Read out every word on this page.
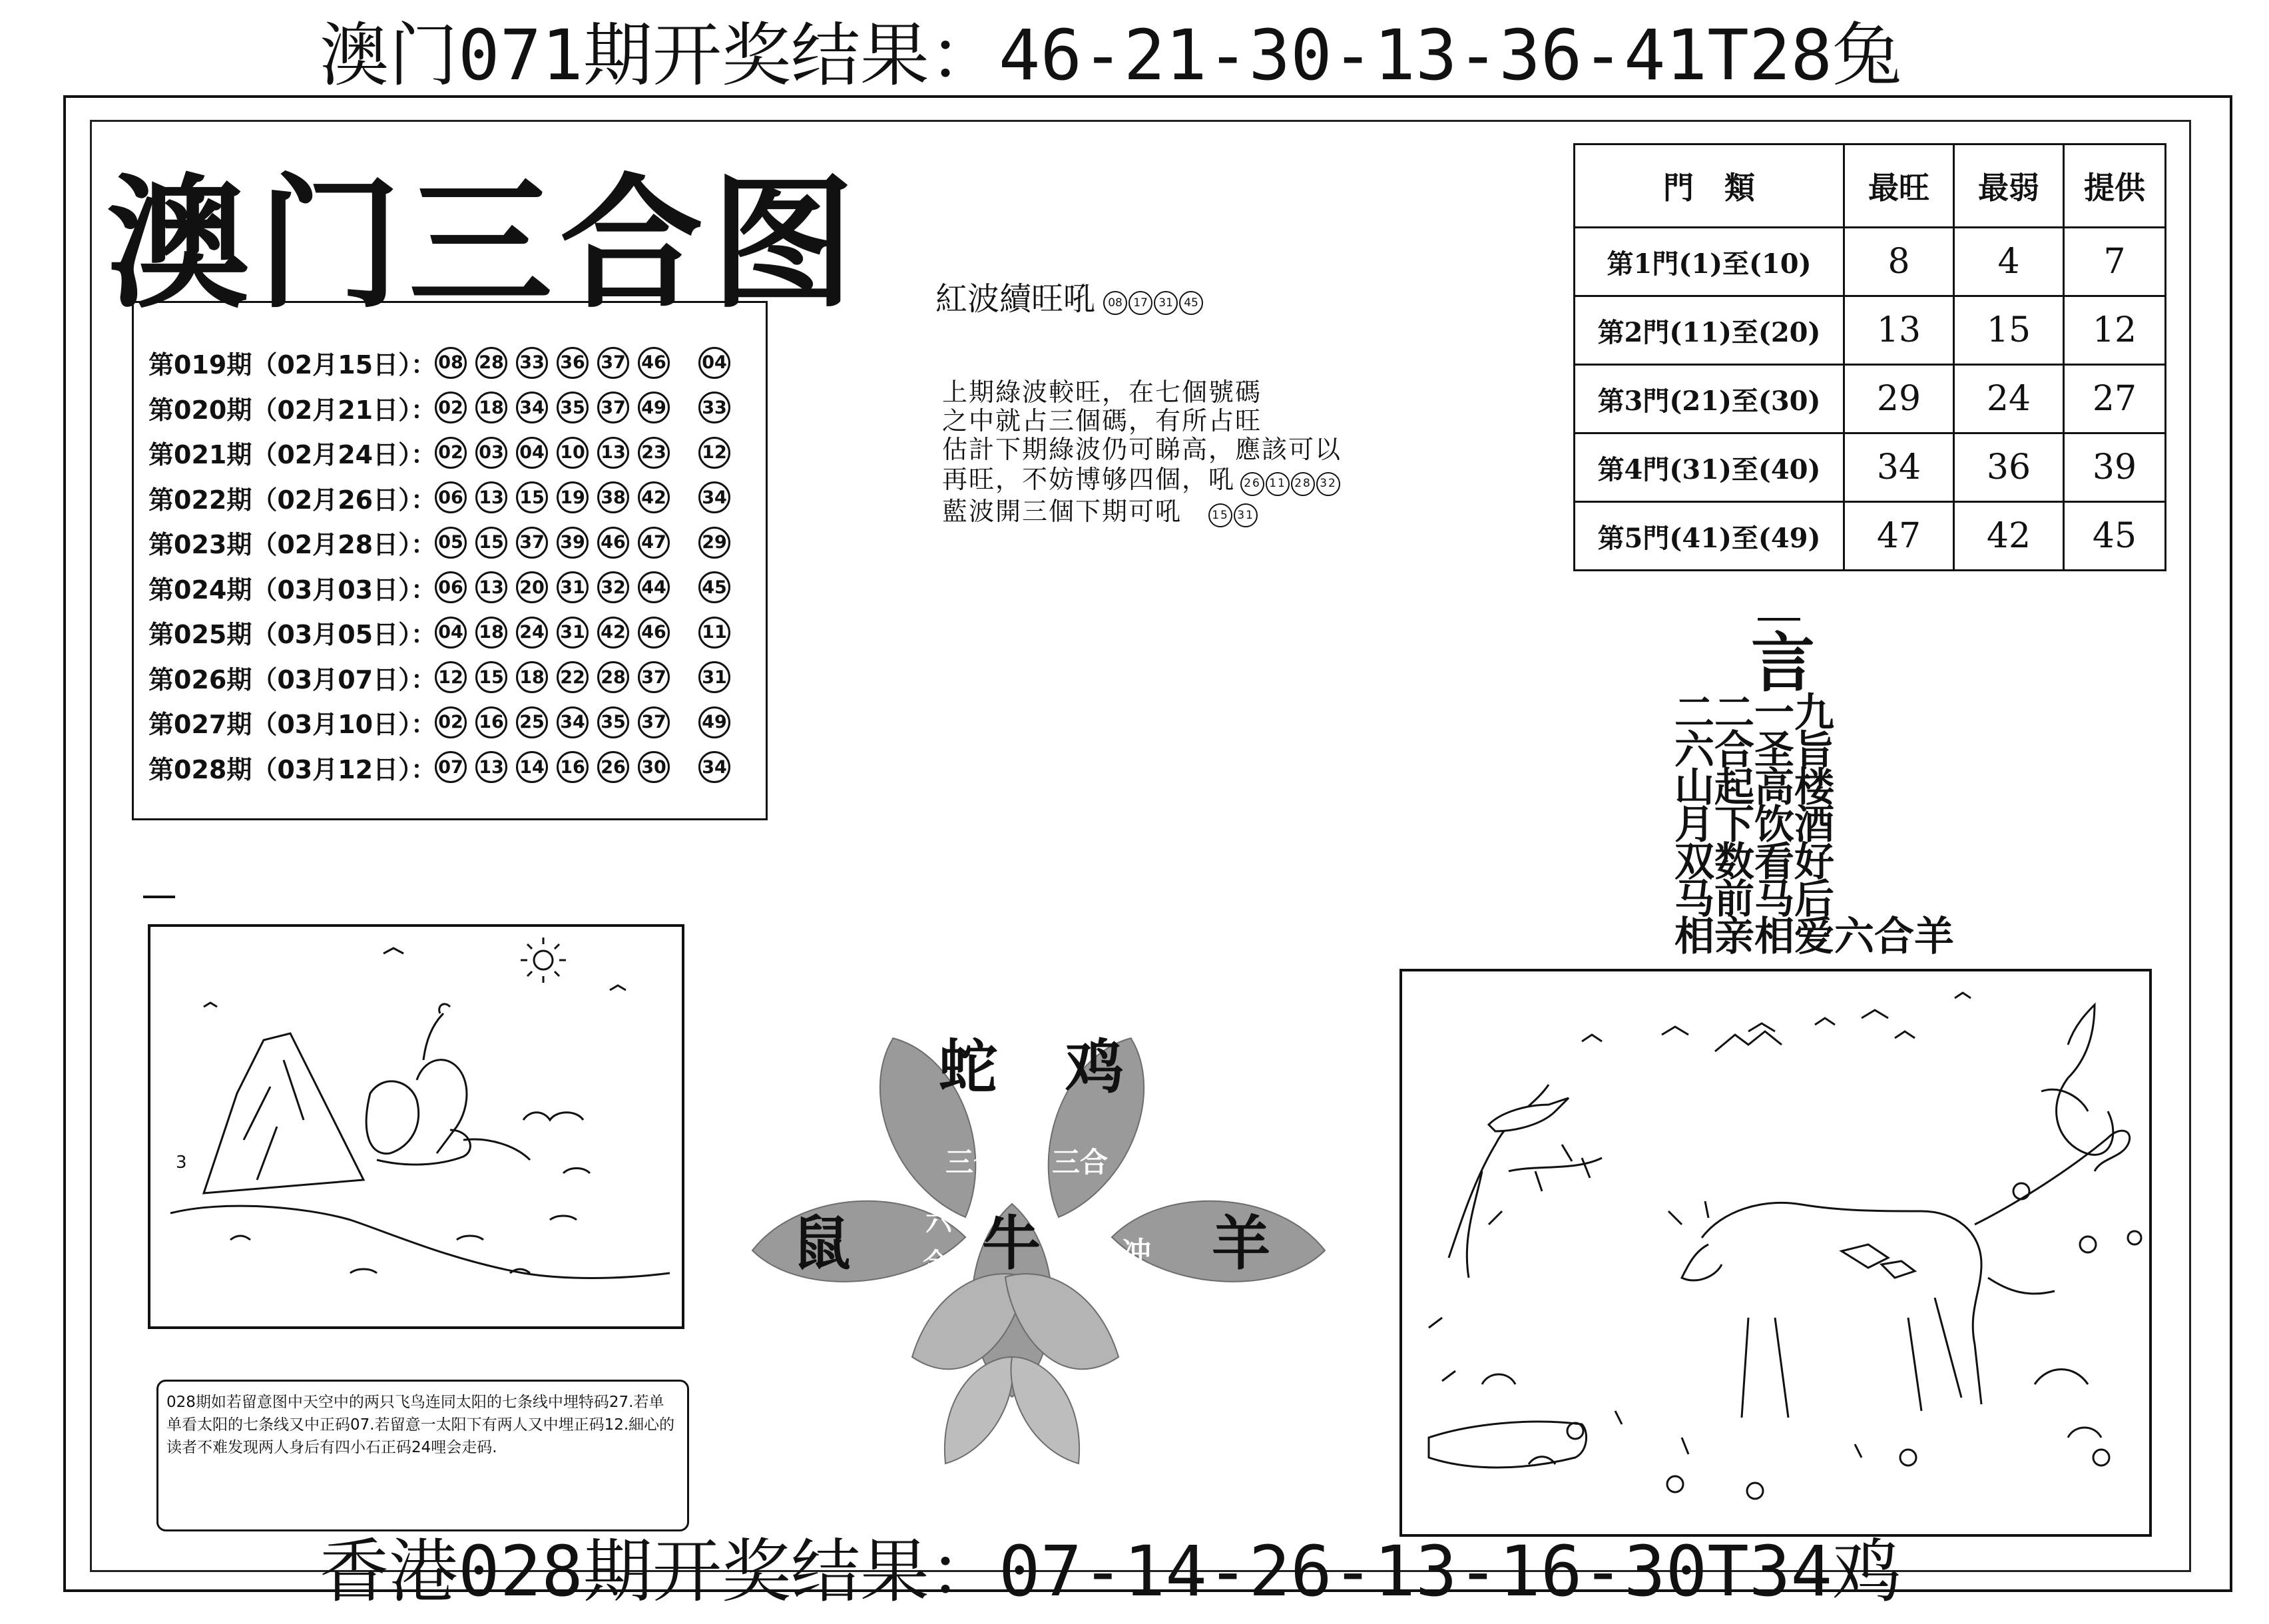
澳门071期开奖结果：46-21-30-13-36-41T28兔
澳门三合图
第019期（02月15日）： 08 28 33 36 37 46 04
第020期（02月21日）： 02 18 34 35 37 49 33
第021期（02月24日）： 02 03 04 10 13 23 12
第022期（02月26日）： 06 13 15 19 38 42 34
第023期（02月28日）： 05 15 37 39 46 47 29
第024期（03月03日）： 06 13 20 31 32 44 45
第025期（03月05日）： 04 18 24 31 42 46 11
第026期（03月07日）： 12 15 18 22 28 37 31
第027期（03月10日）： 02 16 25 34 35 37 49
第028期（03月12日）： 07 13 14 16 26 30 34
紅波續旺吼	08 17 31 45
上期綠波較旺，在七個號碼
之中就占三個碼，有所占旺
估計下期綠波仍可睇高，應該可以
再旺，不妨博够四個，吼 26 11 28 32
藍波開三個下期可吼	15 31
門　類	最旺	最弱	提供
第1門(1)至(10)	8	4	7
第2門(11)至(20)	13	15	12
第3門(21)至(30)	29	24	27
第4門(31)至(40)	34	36	39
第5門(41)至(49)	47	42	45
言
二二一九
六合圣旨
山起高楼
月下饮酒
双数看好
马前马后
相亲相爱六合羊
3
蛇 鸡
鼠 牛	羊
三合 三合
六
合	冲
028期如若留意图中天空中的两只飞鸟连同太阳的七条线中埋特码27.若单单看太阳的七条线又中正码07.若留意一太阳下有两人又中埋正码12.細心的读者不难发现两人身后有四小石正码24哩会走码.
香港028期开奖结果：07-14-26-13-16-30T34鸡
